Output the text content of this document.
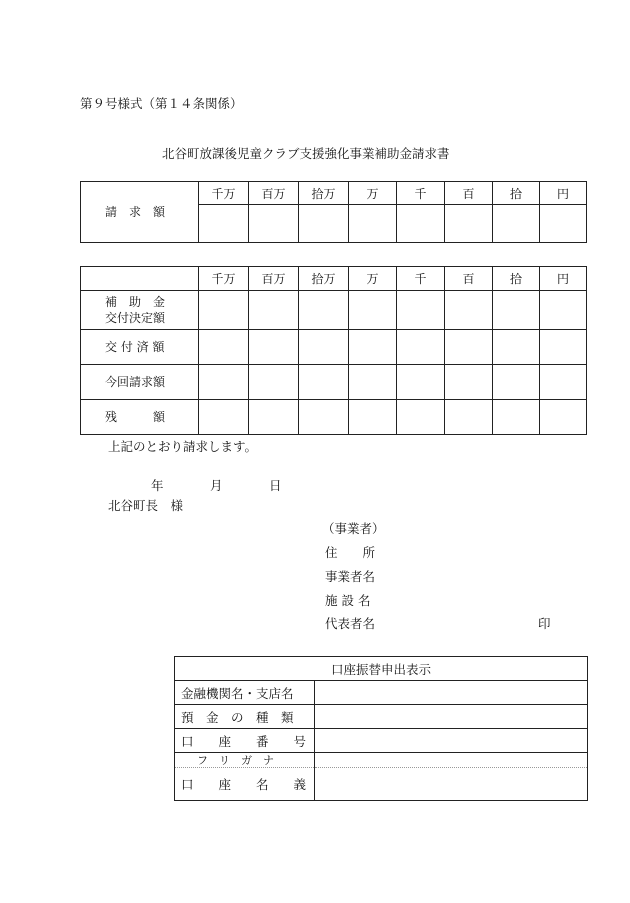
第９号様式（第１４条関係）
北谷町放課後児童クラブ支援強化事業補助金請求書
請　求　額	千万	百万	拾万	万	千	百	拾	円

	千万	百万	拾万	万	千	百	拾	円

補　助　金
交付決定額								

交 付 済 額								
今回請求額								
残　　　額								
上記のとおり請求します。
年	月	日
北谷町長　様
（事業者）
住　　所
事業者名
施 設 名
代表者名	印
口座振替申出表示	
金融機関名・支店名	
預　金　の　種　類	
口　　座　　番　　号	
フ　リ　ガ　ナ	
口　　座　　名　　義	
